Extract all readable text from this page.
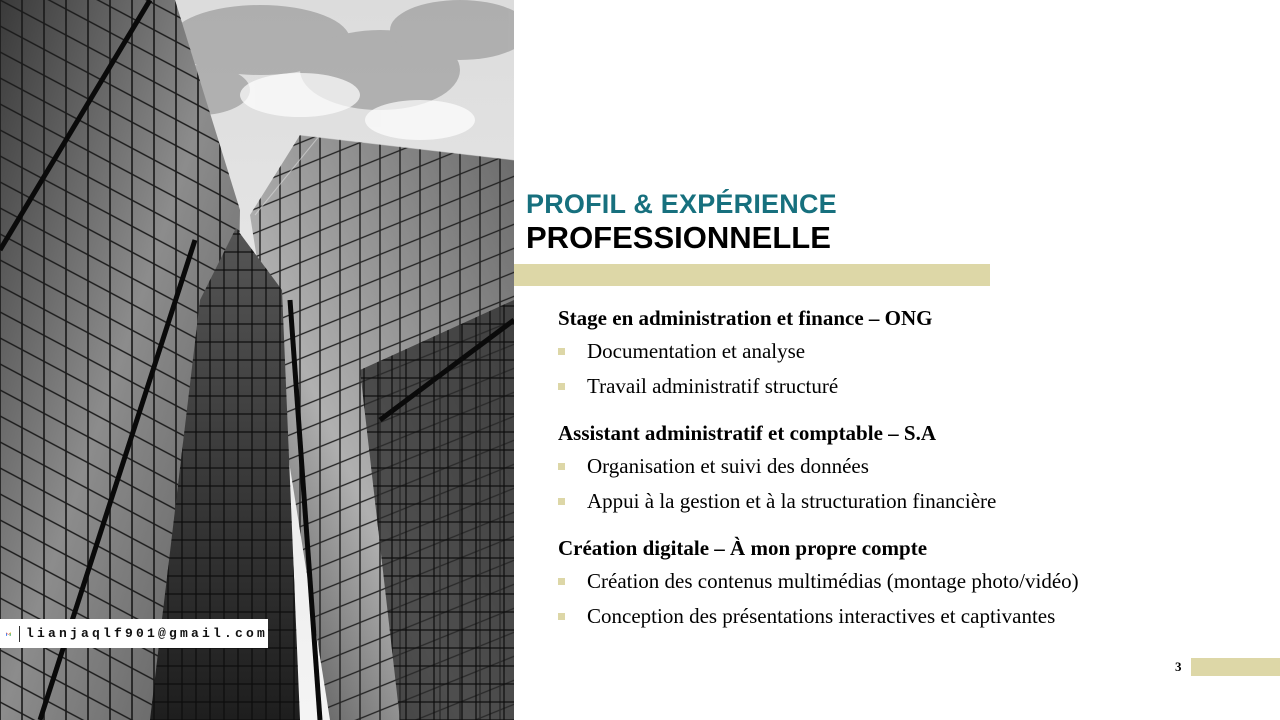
lianjaqlf901@gmail.com
PROFIL & EXPÉRIENCE
PROFESSIONNELLE
Stage en administration et finance – ONG
Documentation et analyse
Travail administratif structuré
Assistant administratif et comptable – S.A
Organisation et suivi des données
Appui à la gestion et à la structuration financière
Création digitale – À mon propre compte
Création des contenus multimédias (montage photo/vidéo)
Conception des présentations interactives et captivantes
3
